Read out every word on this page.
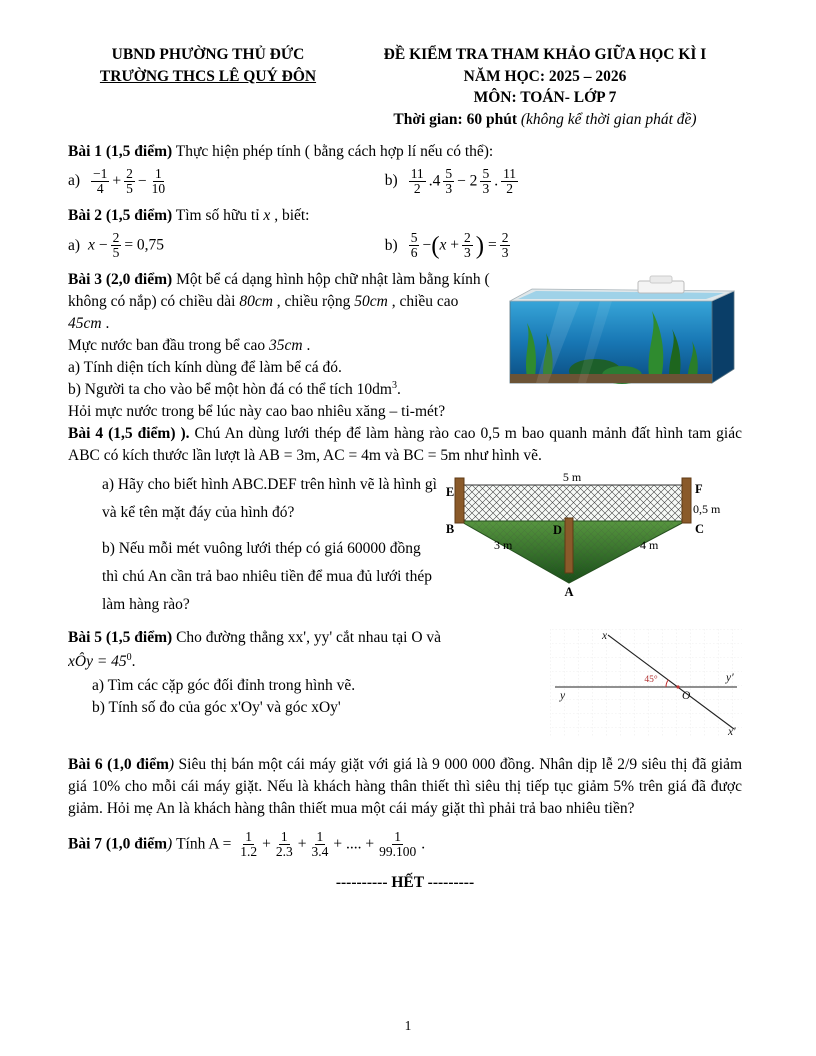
UBND PHƯỜNG THỦ ĐỨC
TRƯỜNG THCS LÊ QUÝ ĐÔN
ĐỀ KIỂM TRA THAM KHẢO GIỮA HỌC KÌ I
NĂM HỌC: 2025 – 2026
MÔN: TOÁN- LỚP 7
Thời gian: 60 phút (không kể thời gian phát đề)

Bài 1 (1,5 điểm) Thực hiện phép tính ( bằng cách hợp lí nếu có thể):

$a) \frac{-1}{4} + \frac{2}{5} - \frac{1}{10}$	$b) \frac{11}{2} .4 \frac{5}{3} - 2 \frac{5}{3}$ . $\frac{11}{2}$

Bài 2 (1,5 điểm) Tìm số hữu tỉ x , biết:

a) $x - \frac{2}{5} = 0,75$	$b) \frac{5}{6} -(x + \frac{2}{3}$ ) = $\frac{2}{3}$

Bài 3 (2,0 điểm) Một bể cá dạng hình hộp chữ nhật làm bằng kính ( không có nắp) có chiều dài 80cm , chiều rộng 50cm , chiều cao 45cm .

Mực nước ban đầu trong bể cao 35cm .

a) Tính diện tích kính dùng để làm bể cá đó.

b) Người ta cho vào bể một hòn đá có thể tích $10dm^3$.

Hỏi mực nước trong bể lúc này cao bao nhiêu xăng – ti-mét?

Bài 4 (1,5 điểm) ). Chú An dùng lưới thép để làm hàng rào cao 0,5 m bao quanh mảnh đất hình tam giác ABC có kích thước lần lượt là AB = 3m, AC = 4m và BC = 5m như hình vẽ.

a) Hãy cho biết hình ABC.DEF trên hình vẽ là hình gì và kể tên mặt đáy của hình đó?

b) Nếu mỗi mét vuông lưới thép có giá 60000 đồng thì chú An cần trả bao nhiêu tiền để mua đủ lưới thép làm hàng rào?

5 m
E	F
0,5 m
B	C
D
3 m	4 m
A
x
y
45°
O
y'
x'

Bài 5 (1,5 điểm) Cho đường thẳng xx', yy' cắt nhau tại O và

xÔy = $45^0$.

a) Tìm các cặp góc đối đỉnh trong hình vẽ.

b) Tính số đo của góc x'Oy' và góc xOy'

Bài 6 (1,0 điểm) Siêu thị bán một cái máy giặt với giá là 9 000 000 đồng. Nhân dịp lễ 2/9 siêu thị đã giảm giá 10% cho mỗi cái máy giặt. Nếu là khách hàng thân thiết thì siêu thị tiếp tục giảm 5% trên giá đã được giảm. Hỏi mẹ An là khách hàng thân thiết mua một cái máy giặt thì phải trả bao nhiêu tiền?

Bài 7 (1,0 điểm) Tính $A = \frac{1}{1.2} + \frac{1}{2.3} + \frac{1}{3.4}$ + .... + $\frac{1}{99.100}$ .

---------- HẾT ---------

1
